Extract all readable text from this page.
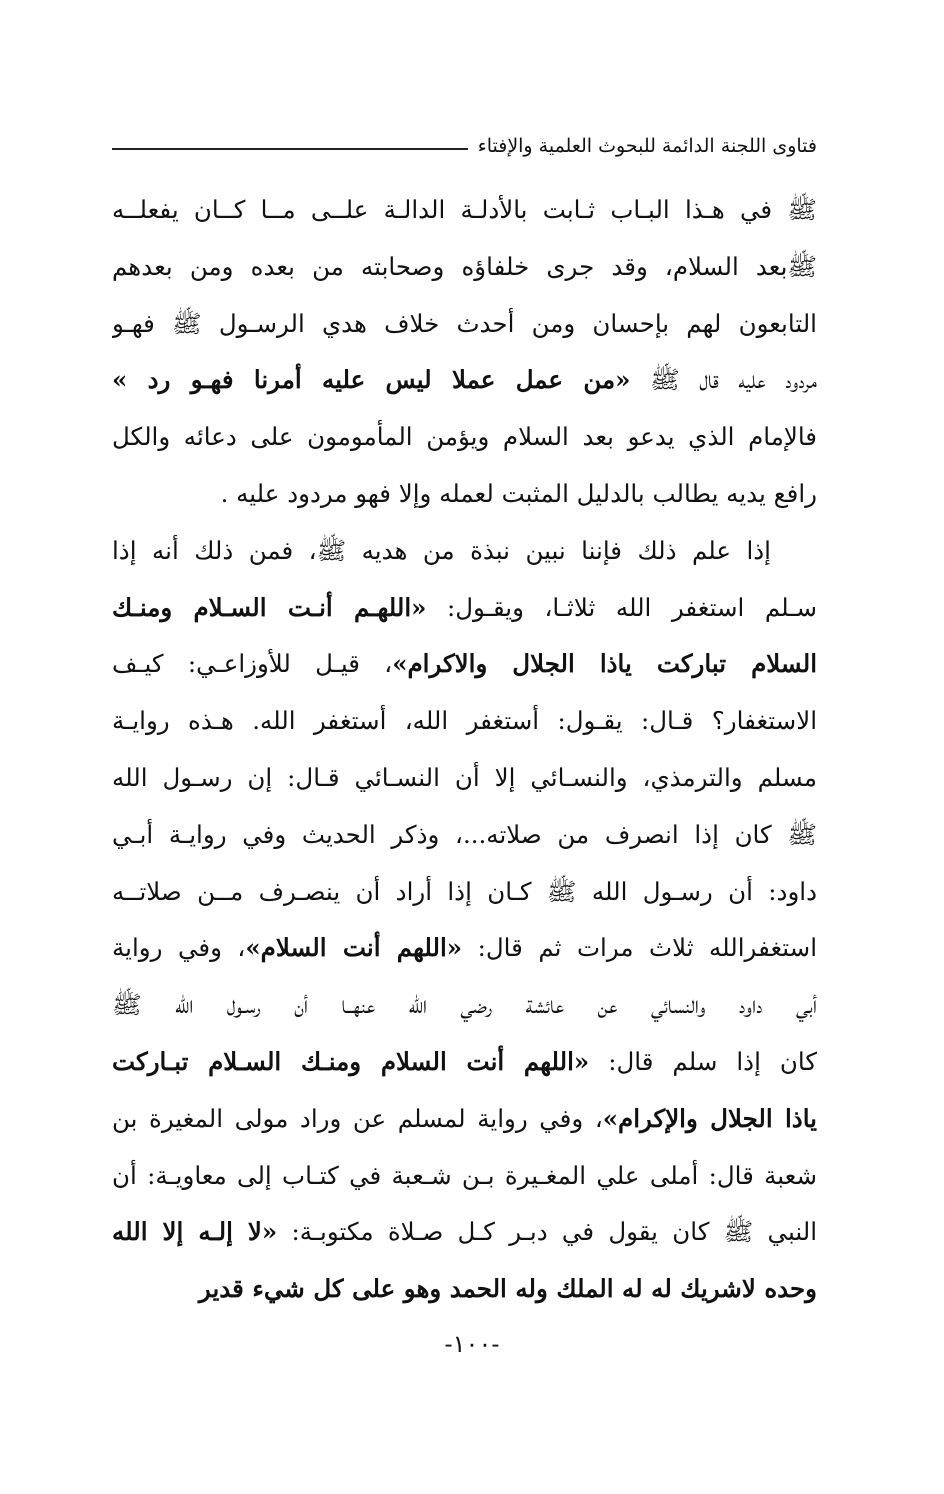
فتاوى اللجنة الدائمة للبحوث العلمية والإفتاء
ﷺ في هـذا البـاب ثـابت بالأدلـة الدالـة علــى مــا كــان يفعلــه
ﷺبعد السلام، وقد جرى خلفاؤه وصحابته من بعده ومن بعدهم
التابعون لهم بإحسان ومن أحدث خلاف هدي الرسـول ﷺ فهـو
مردود عليه قال ﷺ «من عمل عملا ليس عليه أمرنا فهـو رد »
فالإمام الذي يدعو بعد السلام ويؤمن المأمومون على دعائه والكل
رافع يديه يطالب بالدليل المثبت لعمله وإلا فهو مردود عليه .
إذا علم ذلك فإننا نبين نبذة من هديه ﷺ، فمن ذلك أنه إذا
سـلم استغفر الله ثلاثـا، ويقـول: «اللهـم أنـت السـلام ومنـك
السلام تباركت ياذا الجلال والاكرام»، قيـل للأوزاعـي: كيـف
الاستغفار؟ قـال: يقـول: أستغفر الله، أستغفر الله. هـذه روايـة
مسلم والترمذي، والنسـائي إلا أن النسـائي قـال: إن رسـول الله
ﷺ كان إذا انصرف من صلاته...، وذكر الحديث وفي روايـة أبـي
داود: أن رسـول الله ﷺ كـان إذا أراد أن ينصـرف مــن صلاتــه
استغفرالله ثلاث مرات ثم قال: «اللهم أنت السلام»، وفي رواية
أبي داود والنسائي عن عائشة رضي الله عنهــا أن رسـول الله ﷺ
كان إذا سلم قال: «اللهم أنت السلام ومنـك السـلام تبـاركت
ياذا الجلال والإكرام»، وفي رواية لمسلم عن وراد مولى المغيرة بن
شعبة قال: أملى علي المغـيرة بـن شـعبة في كتـاب إلى معاويـة: أن
النبي ﷺ كان يقول في دبـر كـل صـلاة مكتوبـة: «لا إلـه إلا الله
وحده لاشريك له له الملك وله الحمد وهو على كل شيء قدير
-١٠٠-
